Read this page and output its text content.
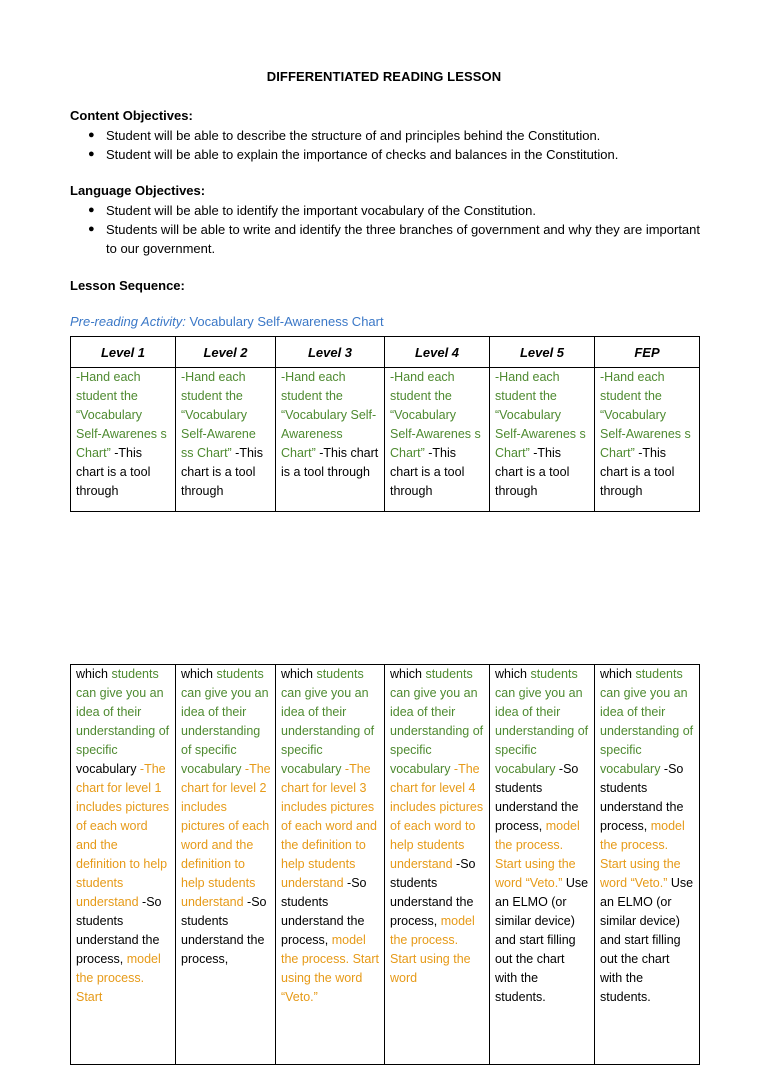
DIFFERENTIATED READING LESSON
Content Objectives:
● Student will be able to describe the structure of and principles behind the Constitution.
● Student will be able to explain the importance of checks and balances in the Constitution.
Language Objectives:
● Student will be able to identify the important vocabulary of the Constitution.
● Students will be able to write and identify the three branches of government and why they are important to our government.
Lesson Sequence:
Pre-reading Activity: Vocabulary Self-Awareness Chart
Level 1	Level 2	Level 3	Level 4	Level 5	FEP
-Hand each student the “Vocabulary Self-Awarenes s Chart” -This chart is a tool through	-Hand each student the “Vocabulary Self-Awarene ss Chart” -This chart is a tool through	-Hand each student the “Vocabulary Self-Awareness Chart” -This chart is a tool through	-Hand each student the “Vocabulary Self-Awarenes s Chart” -This chart is a tool through	-Hand each student the “Vocabulary Self-Awarenes s Chart” -This chart is a tool through	-Hand each student the “Vocabulary Self-Awarenes s Chart” -This chart is a tool through
which students can give you an idea of their understanding of specific vocabulary -The chart for level 1 includes pictures of each word and the definition to help students understand -So students understand the process, model the process. Start	which students can give you an idea of their understanding of specific vocabulary -The chart for level 2 includes pictures of each word and the definition to help students understand -So students understand the process,	which students can give you an idea of their understanding of specific vocabulary -The chart for level 3 includes pictures of each word and the definition to help students understand -So students understand the process, model the process. Start using the word “Veto.”	which students can give you an idea of their understanding of specific vocabulary -The chart for level 4 includes pictures of each word to help students understand -So students understand the process, model the process. Start using the word	which students can give you an idea of their understanding of specific vocabulary -So students understand the process, model the process. Start using the word “Veto.” Use an ELMO (or similar device) and start filling out the chart with the students.	which students can give you an idea of their understanding of specific vocabulary -So students understand the process, model the process. Start using the word “Veto.” Use an ELMO (or similar device) and start filling out the chart with the students.
